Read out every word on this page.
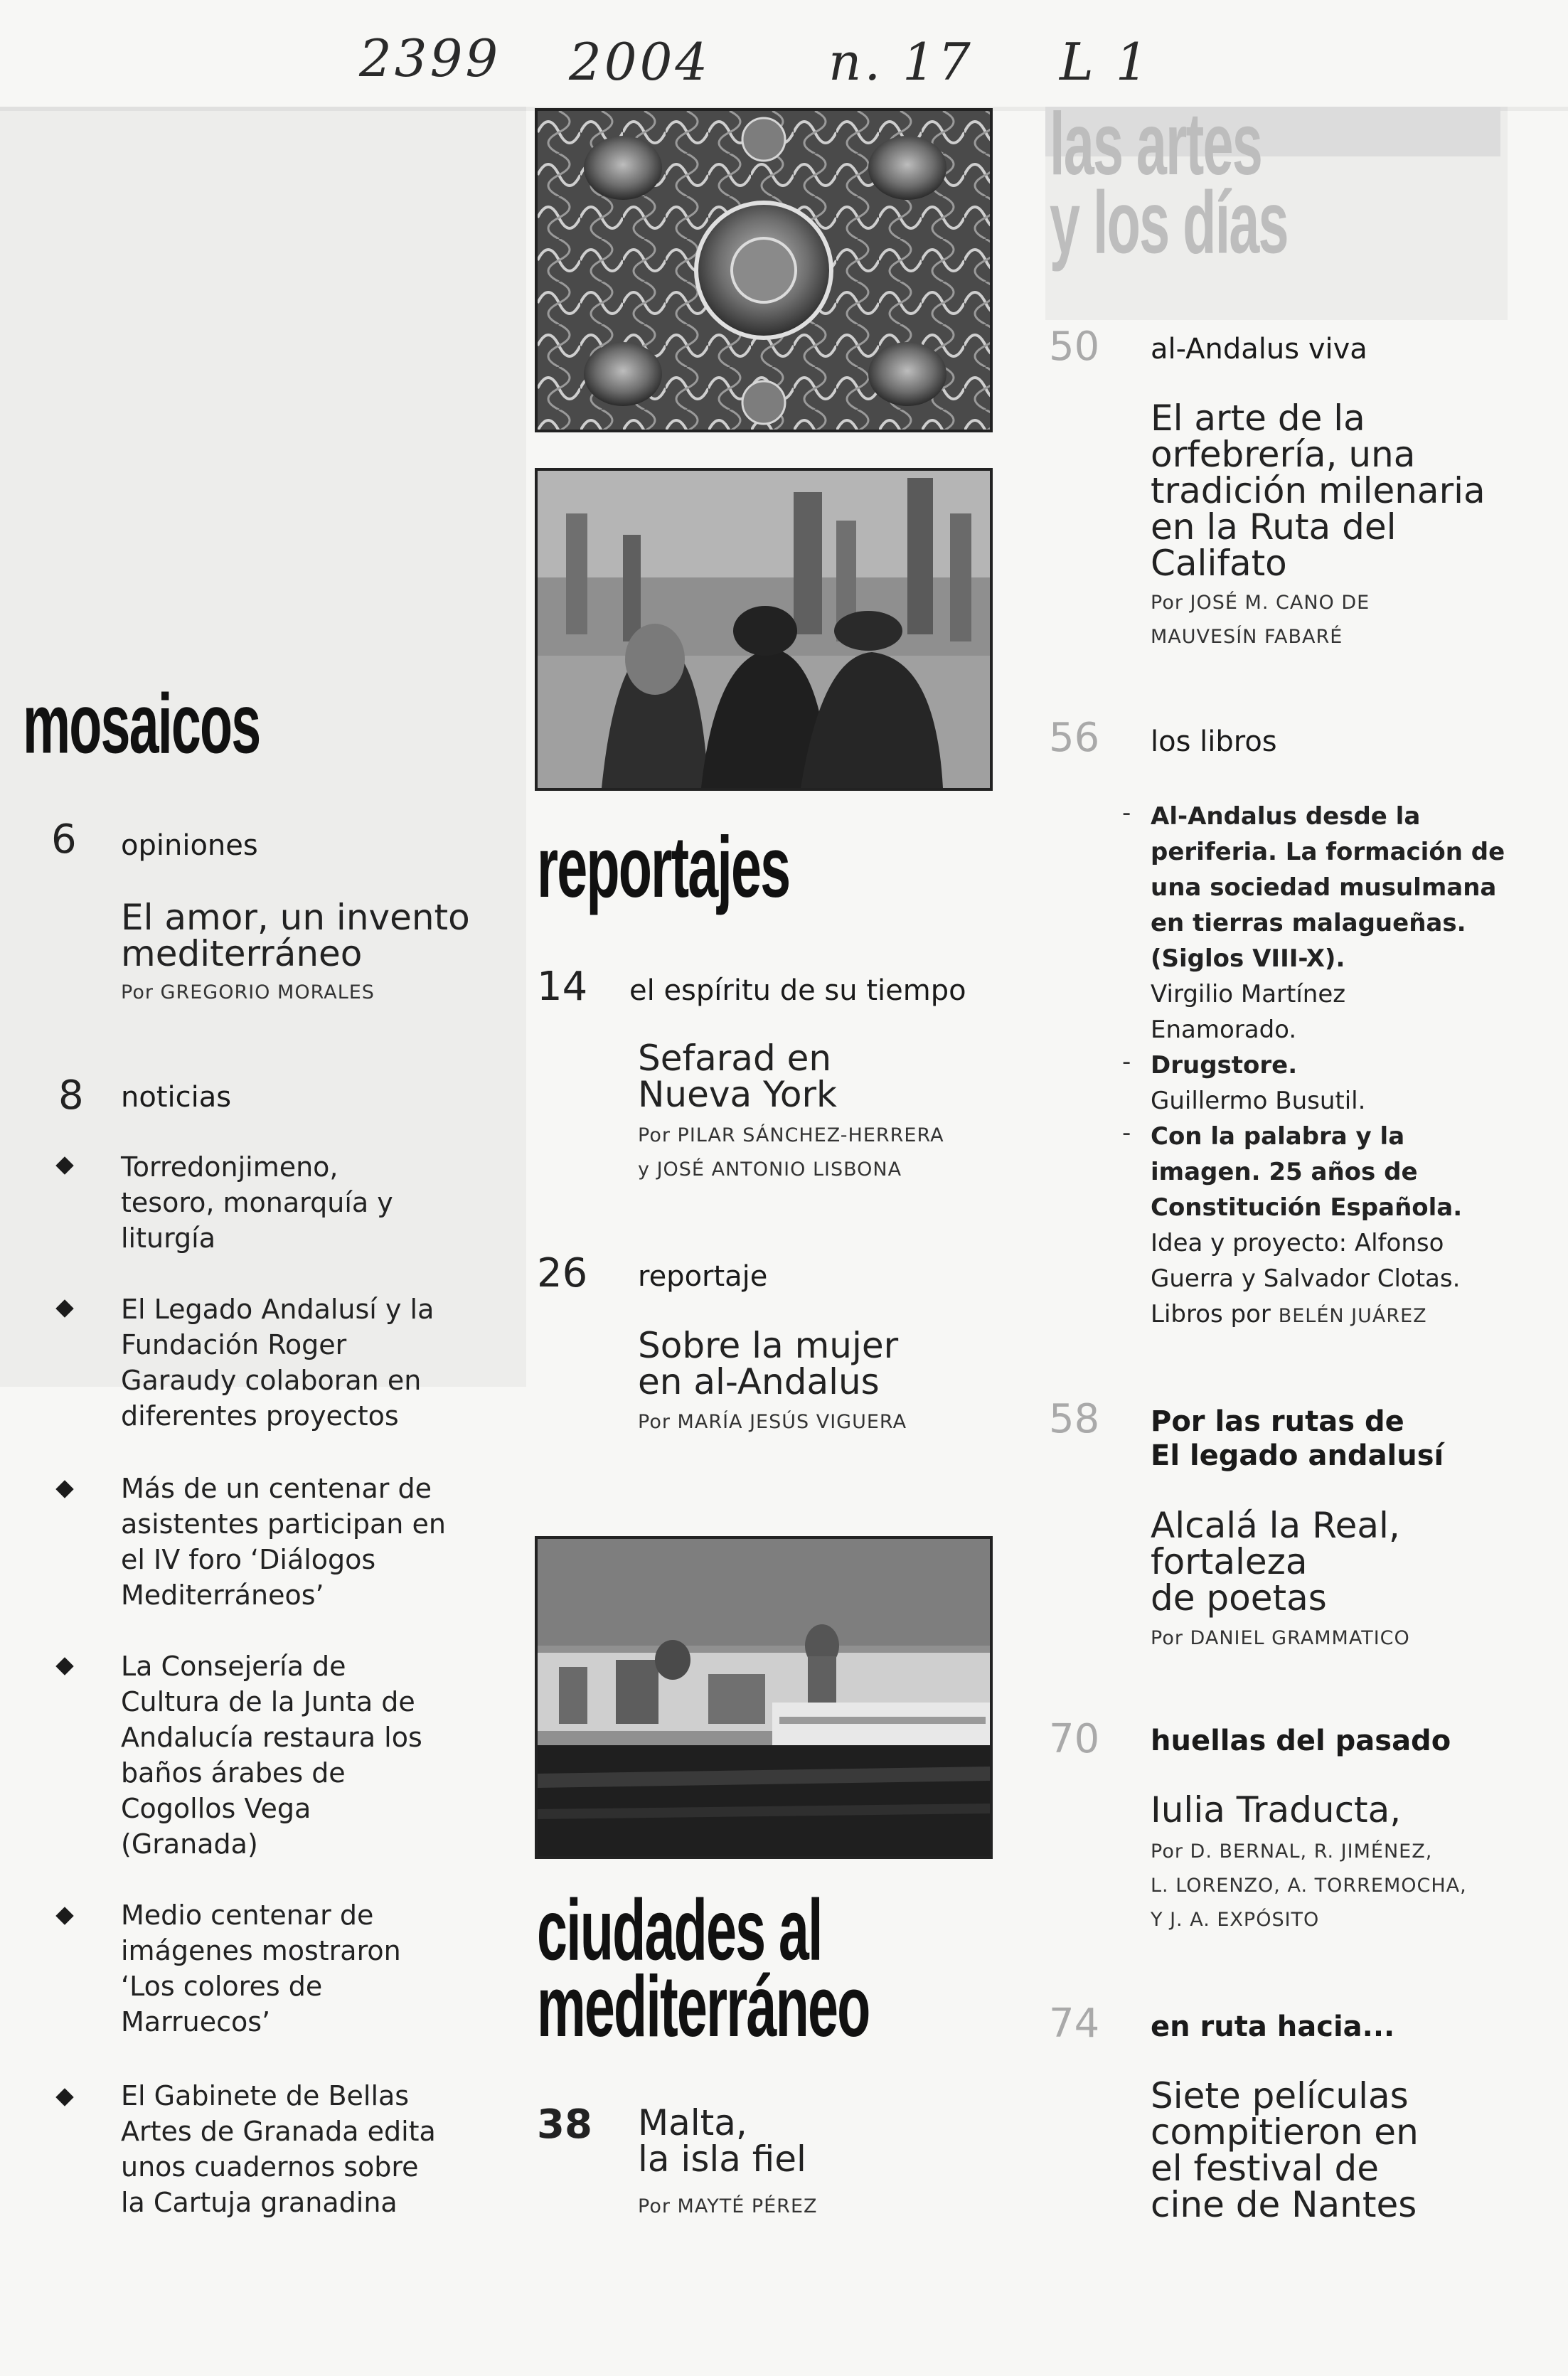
2399 2004 n. 17 L 1
mosaicos
6 opiniones
El amor, un invento
mediterráneo
Por GREGORIO MORALES
8 noticias
Torredonjimeno,
tesoro, monarquía y
liturgía
El Legado Andalusí y la
Fundación Roger
Garaudy colaboran en
diferentes proyectos
Más de un centenar de
asistentes participan en
el IV foro ‘Diálogos
Mediterráneos’
La Consejería de
Cultura de la Junta de
Andalucía restaura los
baños árabes de
Cogollos Vega
(Granada)
Medio centenar de
imágenes mostraron
‘Los colores de
Marruecos’
El Gabinete de Bellas
Artes de Granada edita
unos cuadernos sobre
la Cartuja granadina
reportajes
14 el espíritu de su tiempo
Sefarad en
Nueva York
Por PILAR SÁNCHEZ-HERRERA
y JOSÉ ANTONIO LISBONA
26 reportaje
Sobre la mujer
en al-Andalus
Por MARÍA JESÚS VIGUERA
ciudades al
mediterráneo
38 Malta,
la isla fiel
Por MAYTÉ PÉREZ
las artes
y los días
50 al-Andalus viva
El arte de la
orfebrería, una
tradición milenaria
en la Ruta del
Califato
Por JOSÉ M. CANO DE
MAUVESÍN FABARÉ
56 los libros
- Al-Andalus desde la
periferia. La formación de
una sociedad musulmana
en tierras malagueñas.
(Siglos VIII-X).
Virgilio Martínez
Enamorado.
- Drugstore.
Guillermo Busutil.
- Con la palabra y la
imagen. 25 años de
Constitución Española.
Idea y proyecto: Alfonso
Guerra y Salvador Clotas.
Libros por BELÉN JUÁREZ
58 Por las rutas de
El legado andalusí
Alcalá la Real,
fortaleza
de poetas
Por DANIEL GRAMMATICO
70 huellas del pasado
Iulia Traducta,
Por D. BERNAL, R. JIMÉNEZ,
L. LORENZO, A. TORREMOCHA,
Y J. A. EXPÓSITO
74 en ruta hacia...
Siete películas
compitieron en
el festival de
cine de Nantes
